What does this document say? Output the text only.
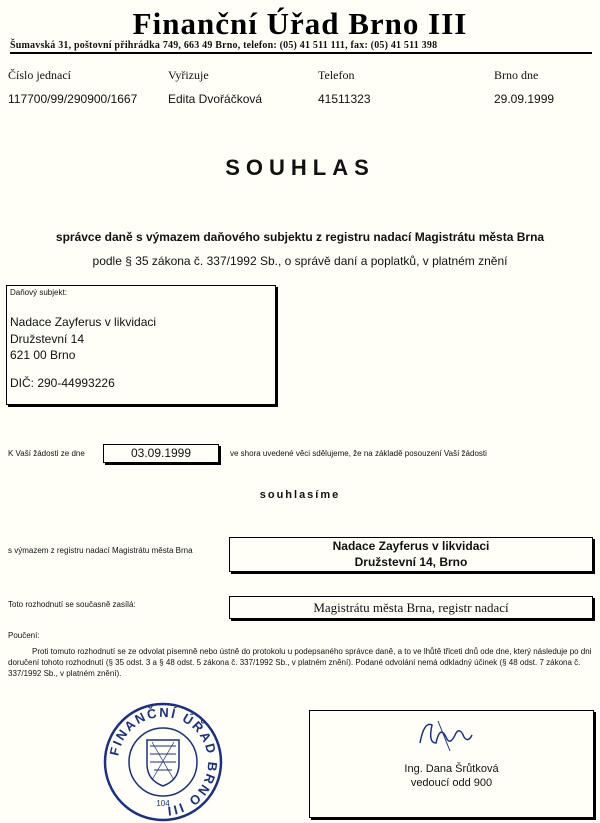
Finanční Úřad Brno III
Šumavská 31, poštovní přihrádka 749, 663 49 Brno, telefon: (05) 41 511 111, fax: (05) 41 511 398
Číslo jednací	Vyřizuje	Telefon	Brno dne
117700/99/290900/1667	Edita Dvořáčková	41511323	29.09.1999
SOUHLAS
správce daně s výmazem daňového subjektu z registru nadací Magistrátu města Brna
podle § 35 zákona č. 337/1992 Sb., o správě daní a poplatků, v platném znění
Daňový subjekt:
Nadace Zayferus v likvidaci
Družstevní 14
621 00 Brno
DIČ: 290-44993226
K Vaší žádosti ze dne	03.09.1999	ve shora uvedené věci sdělujeme, že na základě posouzení Vaší žádosti
souhlasíme
s výmazem z registru nadací Magistrátu města Brna	Nadace Zayferus v likvidaci
Družstevní 14, Brno
Toto rozhodnutí se současně zasílá:	Magistrátu města Brna, registr nadací
Poučení:
Proti tomuto rozhodnutí se ze odvolat písemně nebo ústně do protokolu u podepsaného správce daně, a to ve lhůtě třiceti dnů ode dne, který následuje po dni doručení tohoto rozhodnutí (§ 35 odst. 3 a § 48 odst. 5 zákona č. 337/1992 Sb., v platném znění). Podané odvolání nemá odkladný účinek (§ 48 odst. 7 zákona č. 337/1992 Sb., v platném znění).
FINANČNÍ ÚŘAD BRNO III
104
Ing. Dana Šrůtková
vedoucí odd 900
